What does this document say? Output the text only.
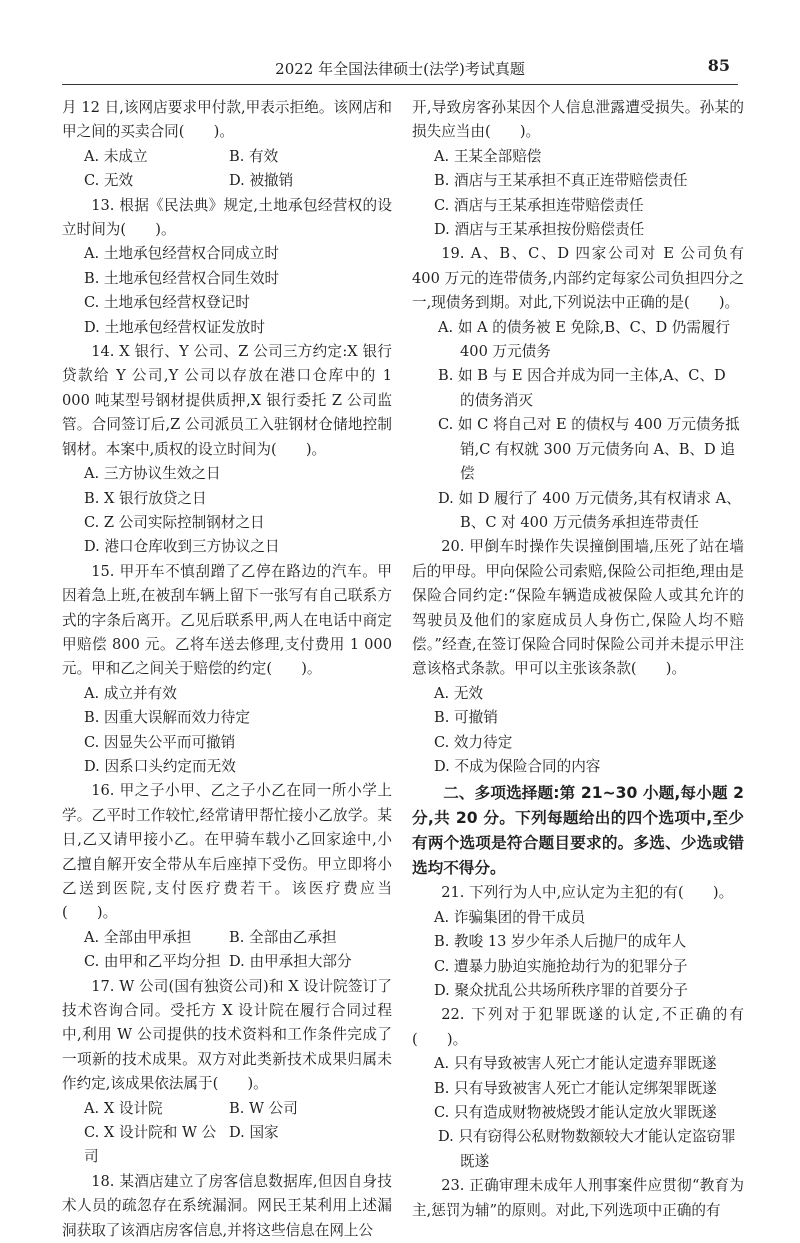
2022 年全国法律硕士(法学)考试真题	85

月 12 日,该网店要求甲付款,甲表示拒绝。该网店和甲之间的买卖合同(　　)。

A. 未成立	B. 有效
C. 无效	D. 被撤销

13. 根据《民法典》规定,土地承包经营权的设立时间为(　　)。

A. 土地承包经营权合同成立时

B. 土地承包经营权合同生效时

C. 土地承包经营权登记时

D. 土地承包经营权证发放时

14. X 银行、Y 公司、Z 公司三方约定:X 银行贷款给 Y 公司,Y 公司以存放在港口仓库中的 1 000 吨某型号钢材提供质押,X 银行委托 Z 公司监管。合同签订后,Z 公司派员工入驻钢材仓储地控制钢材。本案中,质权的设立时间为(　　)。

A. 三方协议生效之日

B. X 银行放贷之日

C. Z 公司实际控制钢材之日

D. 港口仓库收到三方协议之日

15. 甲开车不慎刮蹭了乙停在路边的汽车。甲因着急上班,在被刮车辆上留下一张写有自己联系方式的字条后离开。乙见后联系甲,两人在电话中商定甲赔偿 800 元。乙将车送去修理,支付费用 1 000 元。甲和乙之间关于赔偿的约定(　　)。

A. 成立并有效

B. 因重大误解而效力待定

C. 因显失公平而可撤销

D. 因系口头约定而无效

16. 甲之子小甲、乙之子小乙在同一所小学上学。乙平时工作较忙,经常请甲帮忙接小乙放学。某日,乙又请甲接小乙。在甲骑车载小乙回家途中,小乙擅自解开安全带从车后座掉下受伤。甲立即将小乙送到医院,支付医疗费若干。该医疗费应当(　　)。

A. 全部由甲承担	B. 全部由乙承担
C. 由甲和乙平均分担 D. 由甲承担大部分

17. W 公司(国有独资公司)和 X 设计院签订了技术咨询合同。受托方 X 设计院在履行合同过程中,利用 W 公司提供的技术资料和工作条件完成了一项新的技术成果。双方对此类新技术成果归属未作约定,该成果依法属于(　　)。

A. X 设计院	B. W 公司
C. X 设计院和 W 公司
D. 国家

18. 某酒店建立了房客信息数据库,但因自身技术人员的疏忽存在系统漏洞。网民王某利用上述漏洞获取了该酒店房客信息,并将这些信息在网上公

开,导致房客孙某因个人信息泄露遭受损失。孙某的损失应当由(　　)。

A. 王某全部赔偿

B. 酒店与王某承担不真正连带赔偿责任

C. 酒店与王某承担连带赔偿责任

D. 酒店与王某承担按份赔偿责任

19. A、B、C、D 四家公司对 E 公司负有 400 万元的连带债务,内部约定每家公司负担四分之一,现债务到期。对此,下列说法中正确的是(　　)。

A. 如 A 的债务被 E 免除,B、C、D 仍需履行 400 万元债务

B. 如 B 与 E 因合并成为同一主体,A、C、D 的债务消灭

C. 如 C 将自己对 E 的债权与 400 万元债务抵销,C 有权就 300 万元债务向 A、B、D 追偿

D. 如 D 履行了 400 万元债务,其有权请求 A、B、C 对 400 万元债务承担连带责任

20. 甲倒车时操作失误撞倒围墙,压死了站在墙后的甲母。甲向保险公司索赔,保险公司拒绝,理由是保险合同约定:“保险车辆造成被保险人或其允许的驾驶员及他们的家庭成员人身伤亡,保险人均不赔偿。”经查,在签订保险合同时保险公司并未提示甲注意该格式条款。甲可以主张该条款(　　)。

A. 无效

B. 可撤销

C. 效力待定

D. 不成为保险合同的内容

二、多项选择题:第 21~30 小题,每小题 2 分,共 20 分。下列每题给出的四个选项中,至少有两个选项是符合题目要求的。多选、少选或错选均不得分。

21. 下列行为人中,应认定为主犯的有(　　)。

A. 诈骗集团的骨干成员

B. 教唆 13 岁少年杀人后抛尸的成年人

C. 遭暴力胁迫实施抢劫行为的犯罪分子

D. 聚众扰乱公共场所秩序罪的首要分子

22. 下列对于犯罪既遂的认定,不正确的有(　　)。

A. 只有导致被害人死亡才能认定遗弃罪既遂

B. 只有导致被害人死亡才能认定绑架罪既遂

C. 只有造成财物被烧毁才能认定放火罪既遂

D. 只有窃得公私财物数额较大才能认定盗窃罪既遂

23. 正确审理未成年人刑事案件应贯彻“教育为主,惩罚为辅”的原则。对此,下列选项中正确的有
